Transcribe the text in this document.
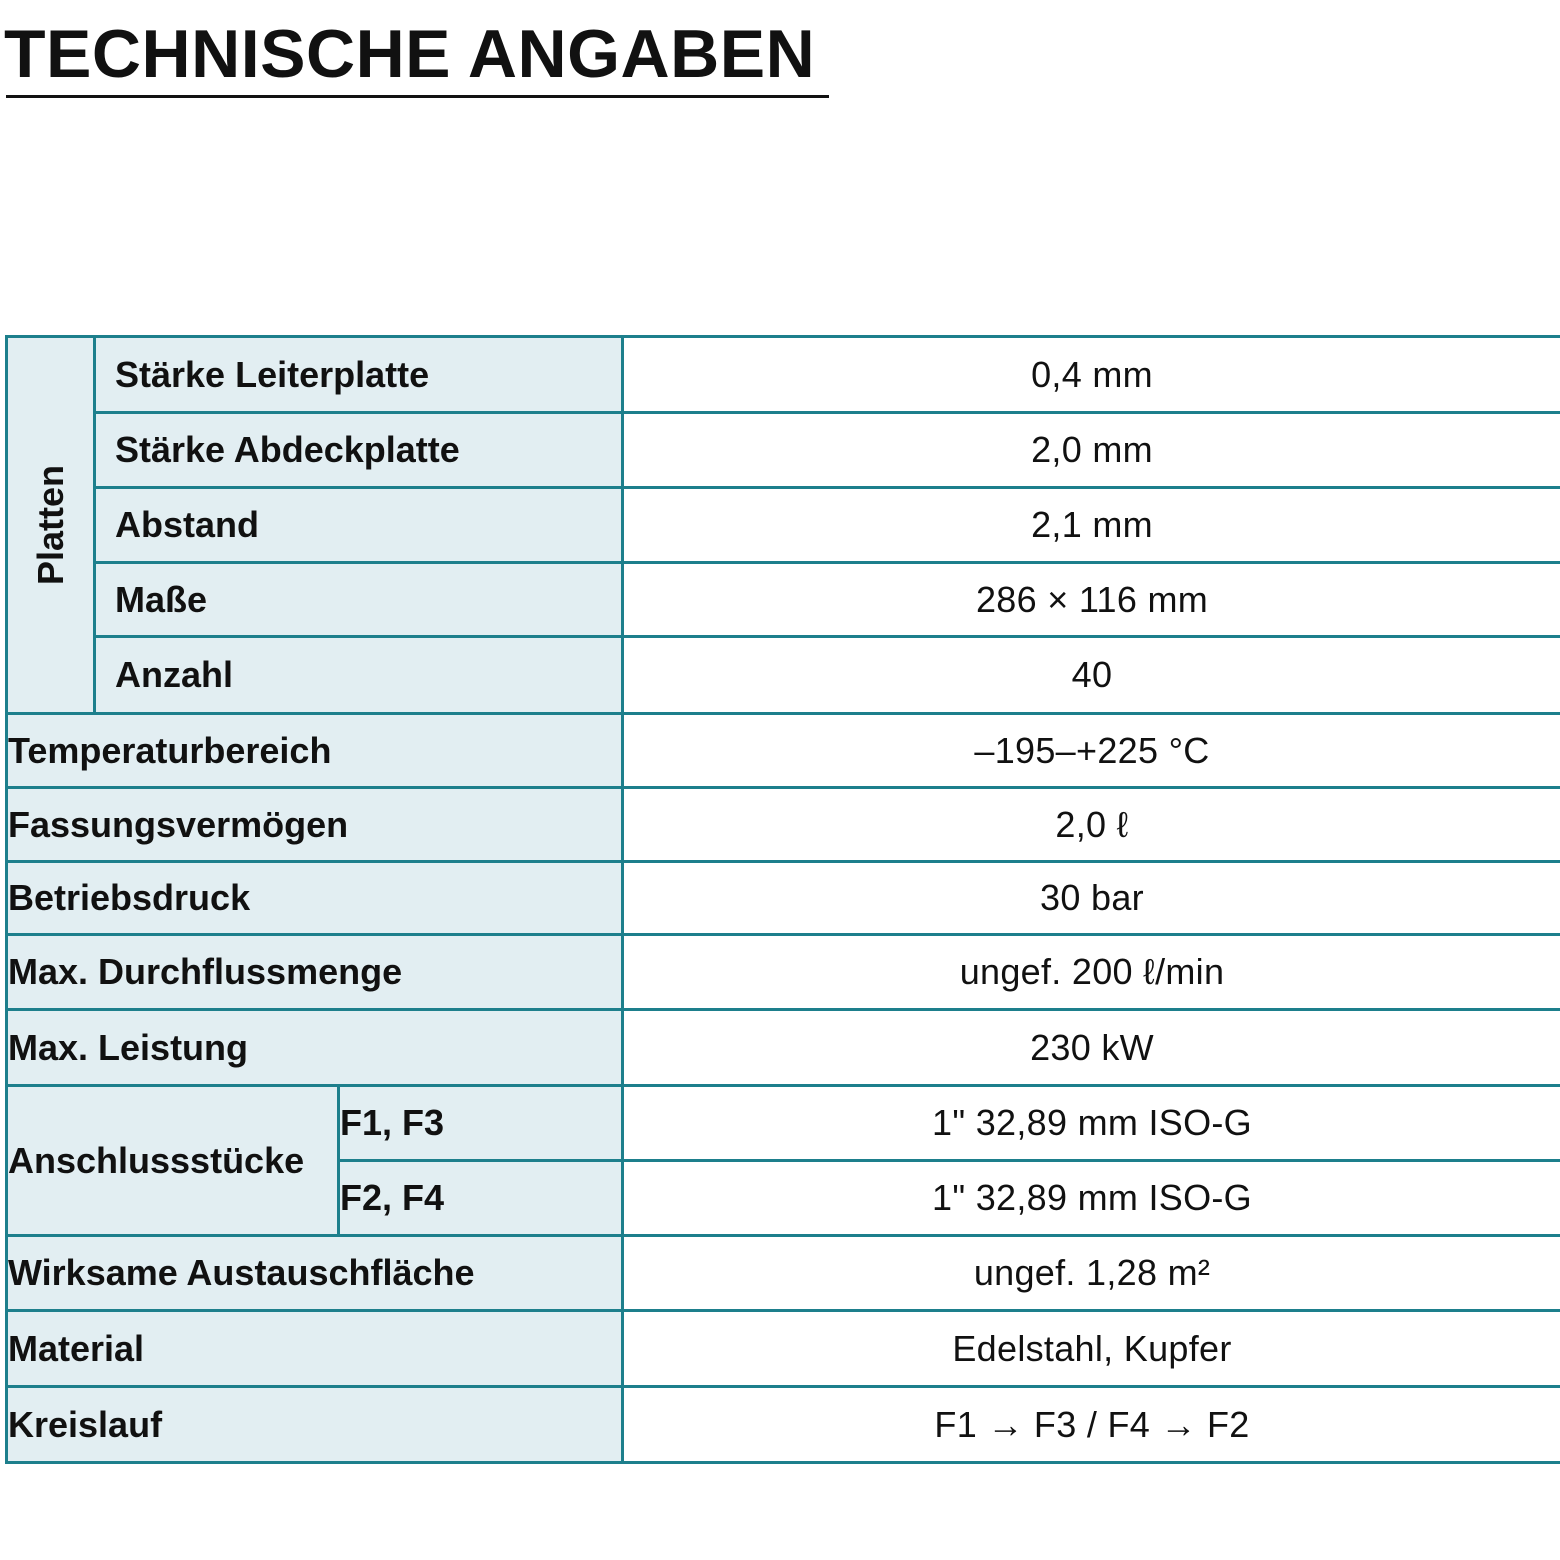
TECHNISCHE ANGABEN
Platten	Stärke Leiterplatte		0,4 mm
	Stärke Abdeckplatte		2,0 mm
	Abstand		2,1 mm
	Maße		286 × 116 mm
	Anzahl		40
Temperaturbereich			–195–+225 °C
Fassungsvermögen			2,0 ℓ
Betriebsdruck			30 bar
Max. Durchflussmenge			ungef. 200 ℓ/min
Max. Leistung			230 kW
Anschlussstücke		F1, F3	1" 32,89 mm ISO-G
		F2, F4	1" 32,89 mm ISO-G
Wirksame Austauschfläche			ungef. 1,28 m²
Material			Edelstahl, Kupfer
Kreislauf			F1 → F3 / F4 → F2
